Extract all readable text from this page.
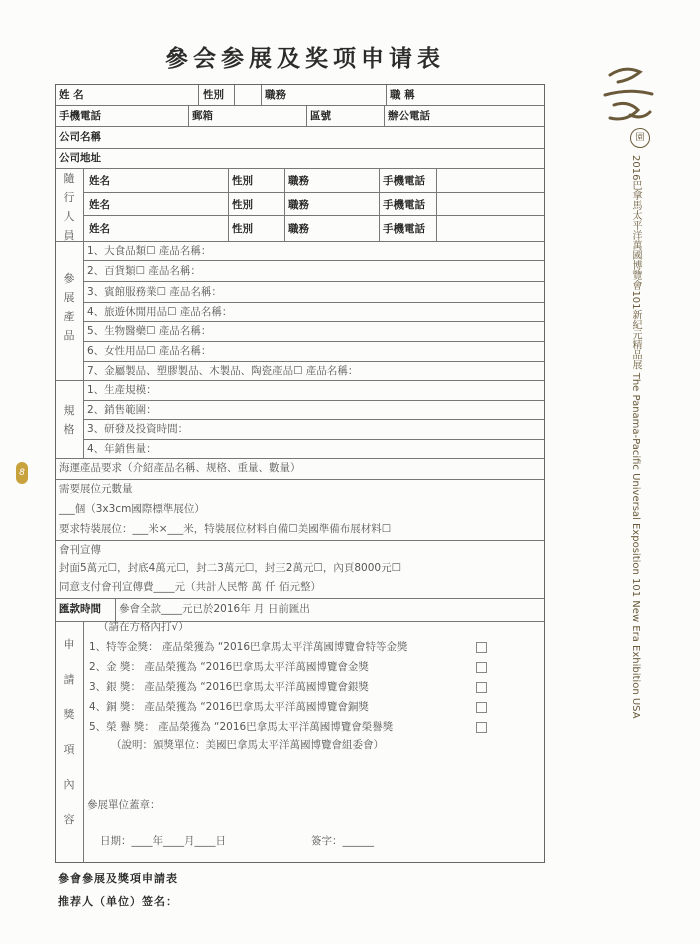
參会参展及奖项申请表
姓 名	性別	職務	職 稱
手機電話	郵箱	區號	辦公電話
公司名稱
公司地址
隨
行
人
員
姓名	性別	職務	手機電話
姓名	性別	職務	手機電話
姓名	性別	職務	手機電話
參
展
產
品
1、大食品類☐ 產品名稱：
2、百貨類☐ 產品名稱：
3、賓館服務業☐ 產品名稱：
4、旅遊休閒用品☐ 產品名稱：
5、生物醫藥☐ 產品名稱：
6、女性用品☐ 產品名稱：
7、金屬製品、塑膠製品、木製品、陶瓷產品☐ 產品名稱：
規
格
1、生產規模：
2、銷售範圍：
3、研發及投資時間：
4、年銷售量：
海運產品要求（介紹產品名稱、规格、重量、數量）
需要展位元數量
___個（3x3cm國際標準展位）
要求特裝展位：___米×___米，特裝展位材料自備☐美國準備布展材料☐
會刊宣傳
封面5萬元☐，封底4萬元☐，封二3萬元☐，封三2萬元☐，內頁8000元☐
同意支付會刊宣傳費____元（共計人民幣 萬 仟 佰元整）
匯款時間 參會全款____元已於2016年 月 日前匯出
申
請
獎
項
內
容
（請在方格內打√）
1、特等金獎： 產品榮獲為 “2016巴拿馬太平洋萬國博覽會特等金獎
2、金 獎： 產品榮獲為 “2016巴拿馬太平洋萬國博覽會金獎
3、銀 獎： 產品榮獲為 “2016巴拿馬太平洋萬國博覽會銀獎
4、銅 獎： 產品榮獲為 “2016巴拿馬太平洋萬國博覽會銅獎
5、榮 譽 獎： 產品榮獲為 “2016巴拿馬太平洋萬國博覽會榮譽獎
（說明：頒獎單位：美國巴拿馬太平洋萬國博覽會組委會）
參展單位蓋章：
日期：____年____月____日	簽字：______
參會參展及獎項申請表
推荐人（单位）签名：
園
2016巴拿馬太平洋萬國博覽會101新紀元精品展 The Panama-Pacific Universal Exposition 101 New Era Exhibition USA
8
